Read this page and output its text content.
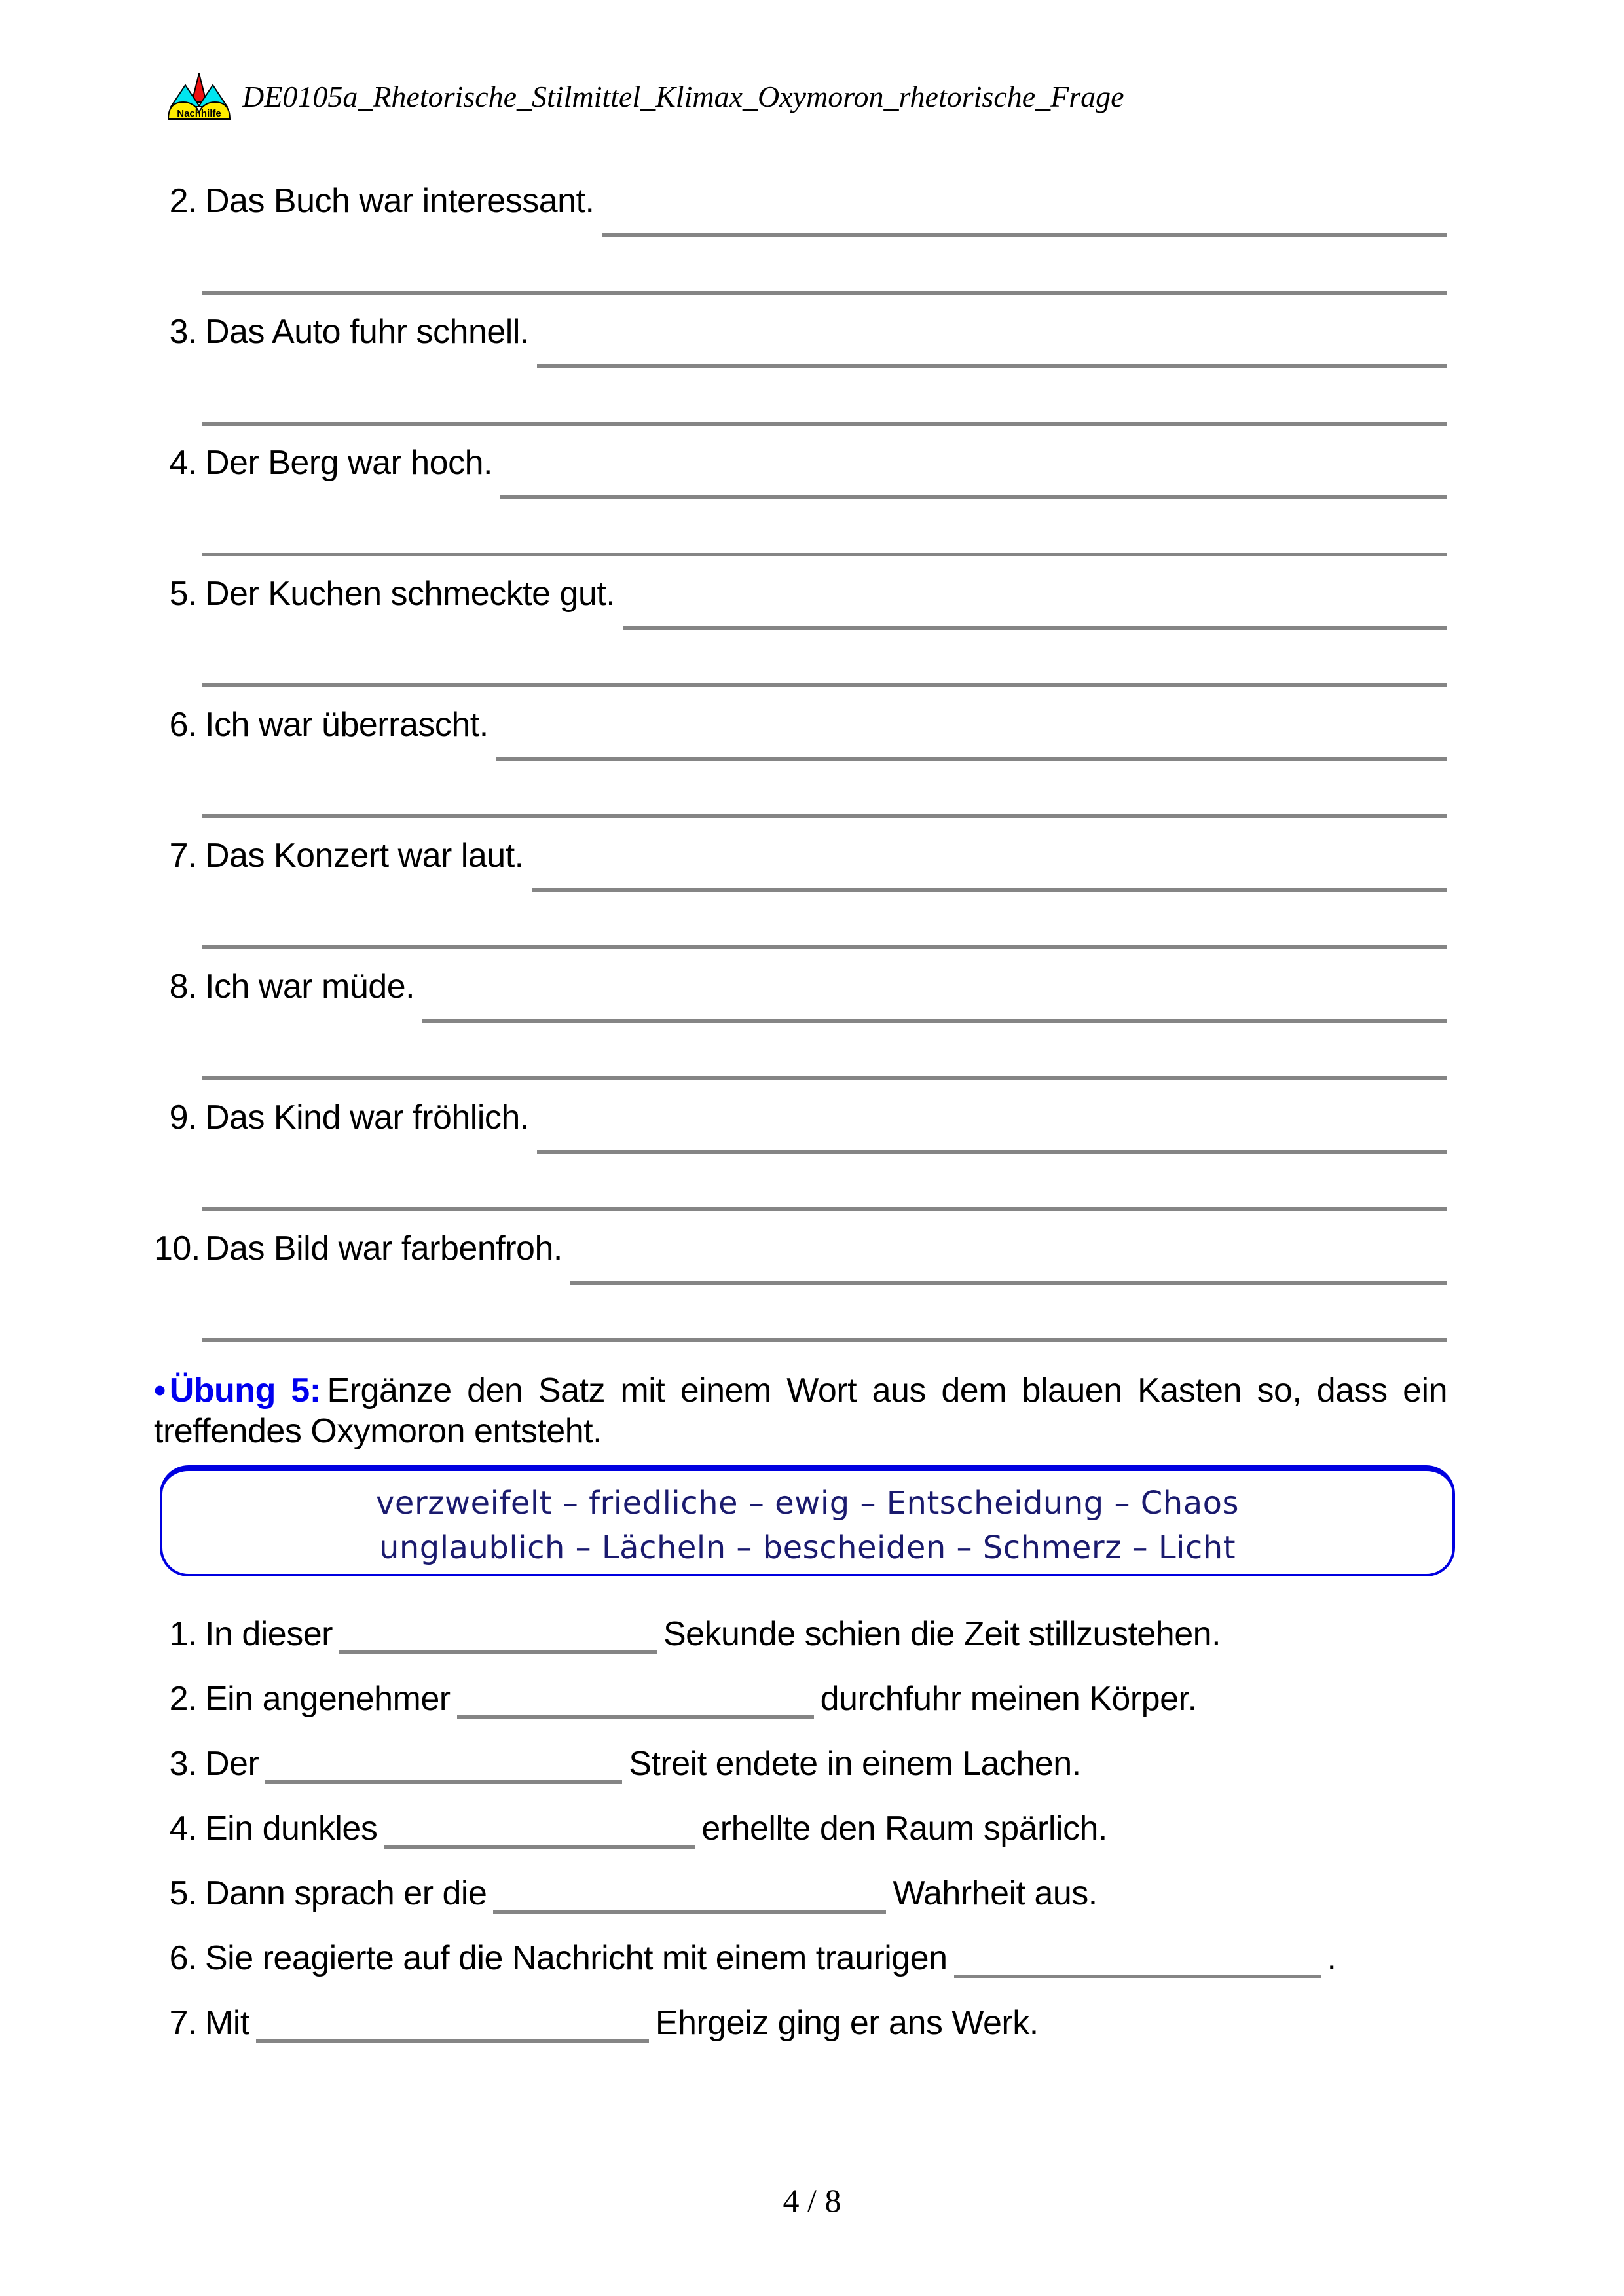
Nachhilfe
DE0105a_Rhetorische_Stilmittel_Klimax_Oxymoron_rhetorische_Frage
2. Das Buch war interessant.
3. Das Auto fuhr schnell.
4. Der Berg war hoch.
5. Der Kuchen schmeckte gut.
6. Ich war überrascht.
7. Das Konzert war laut.
8. Ich war müde.
9. Das Kind war fröhlich.
10. Das Bild war farbenfroh.
• Übung 5: Ergänze den Satz mit einem Wort aus dem blauen Kasten so, dass ein treffendes Oxymoron entsteht.
verzweifelt – friedliche – ewig – Entscheidung – Chaos
unglaublich – Lächeln – bescheiden – Schmerz – Licht
1. In dieser	Sekunde schien die Zeit stillzustehen.
2. Ein angenehmer	durchfuhr meinen Körper.
3. Der	Streit endete in einem Lachen.
4. Ein dunkles	erhellte den Raum spärlich.
5. Dann sprach er die	Wahrheit aus.
6. Sie reagierte auf die Nachricht mit einem traurigen	.
7. Mit	Ehrgeiz ging er ans Werk.
4 / 8
